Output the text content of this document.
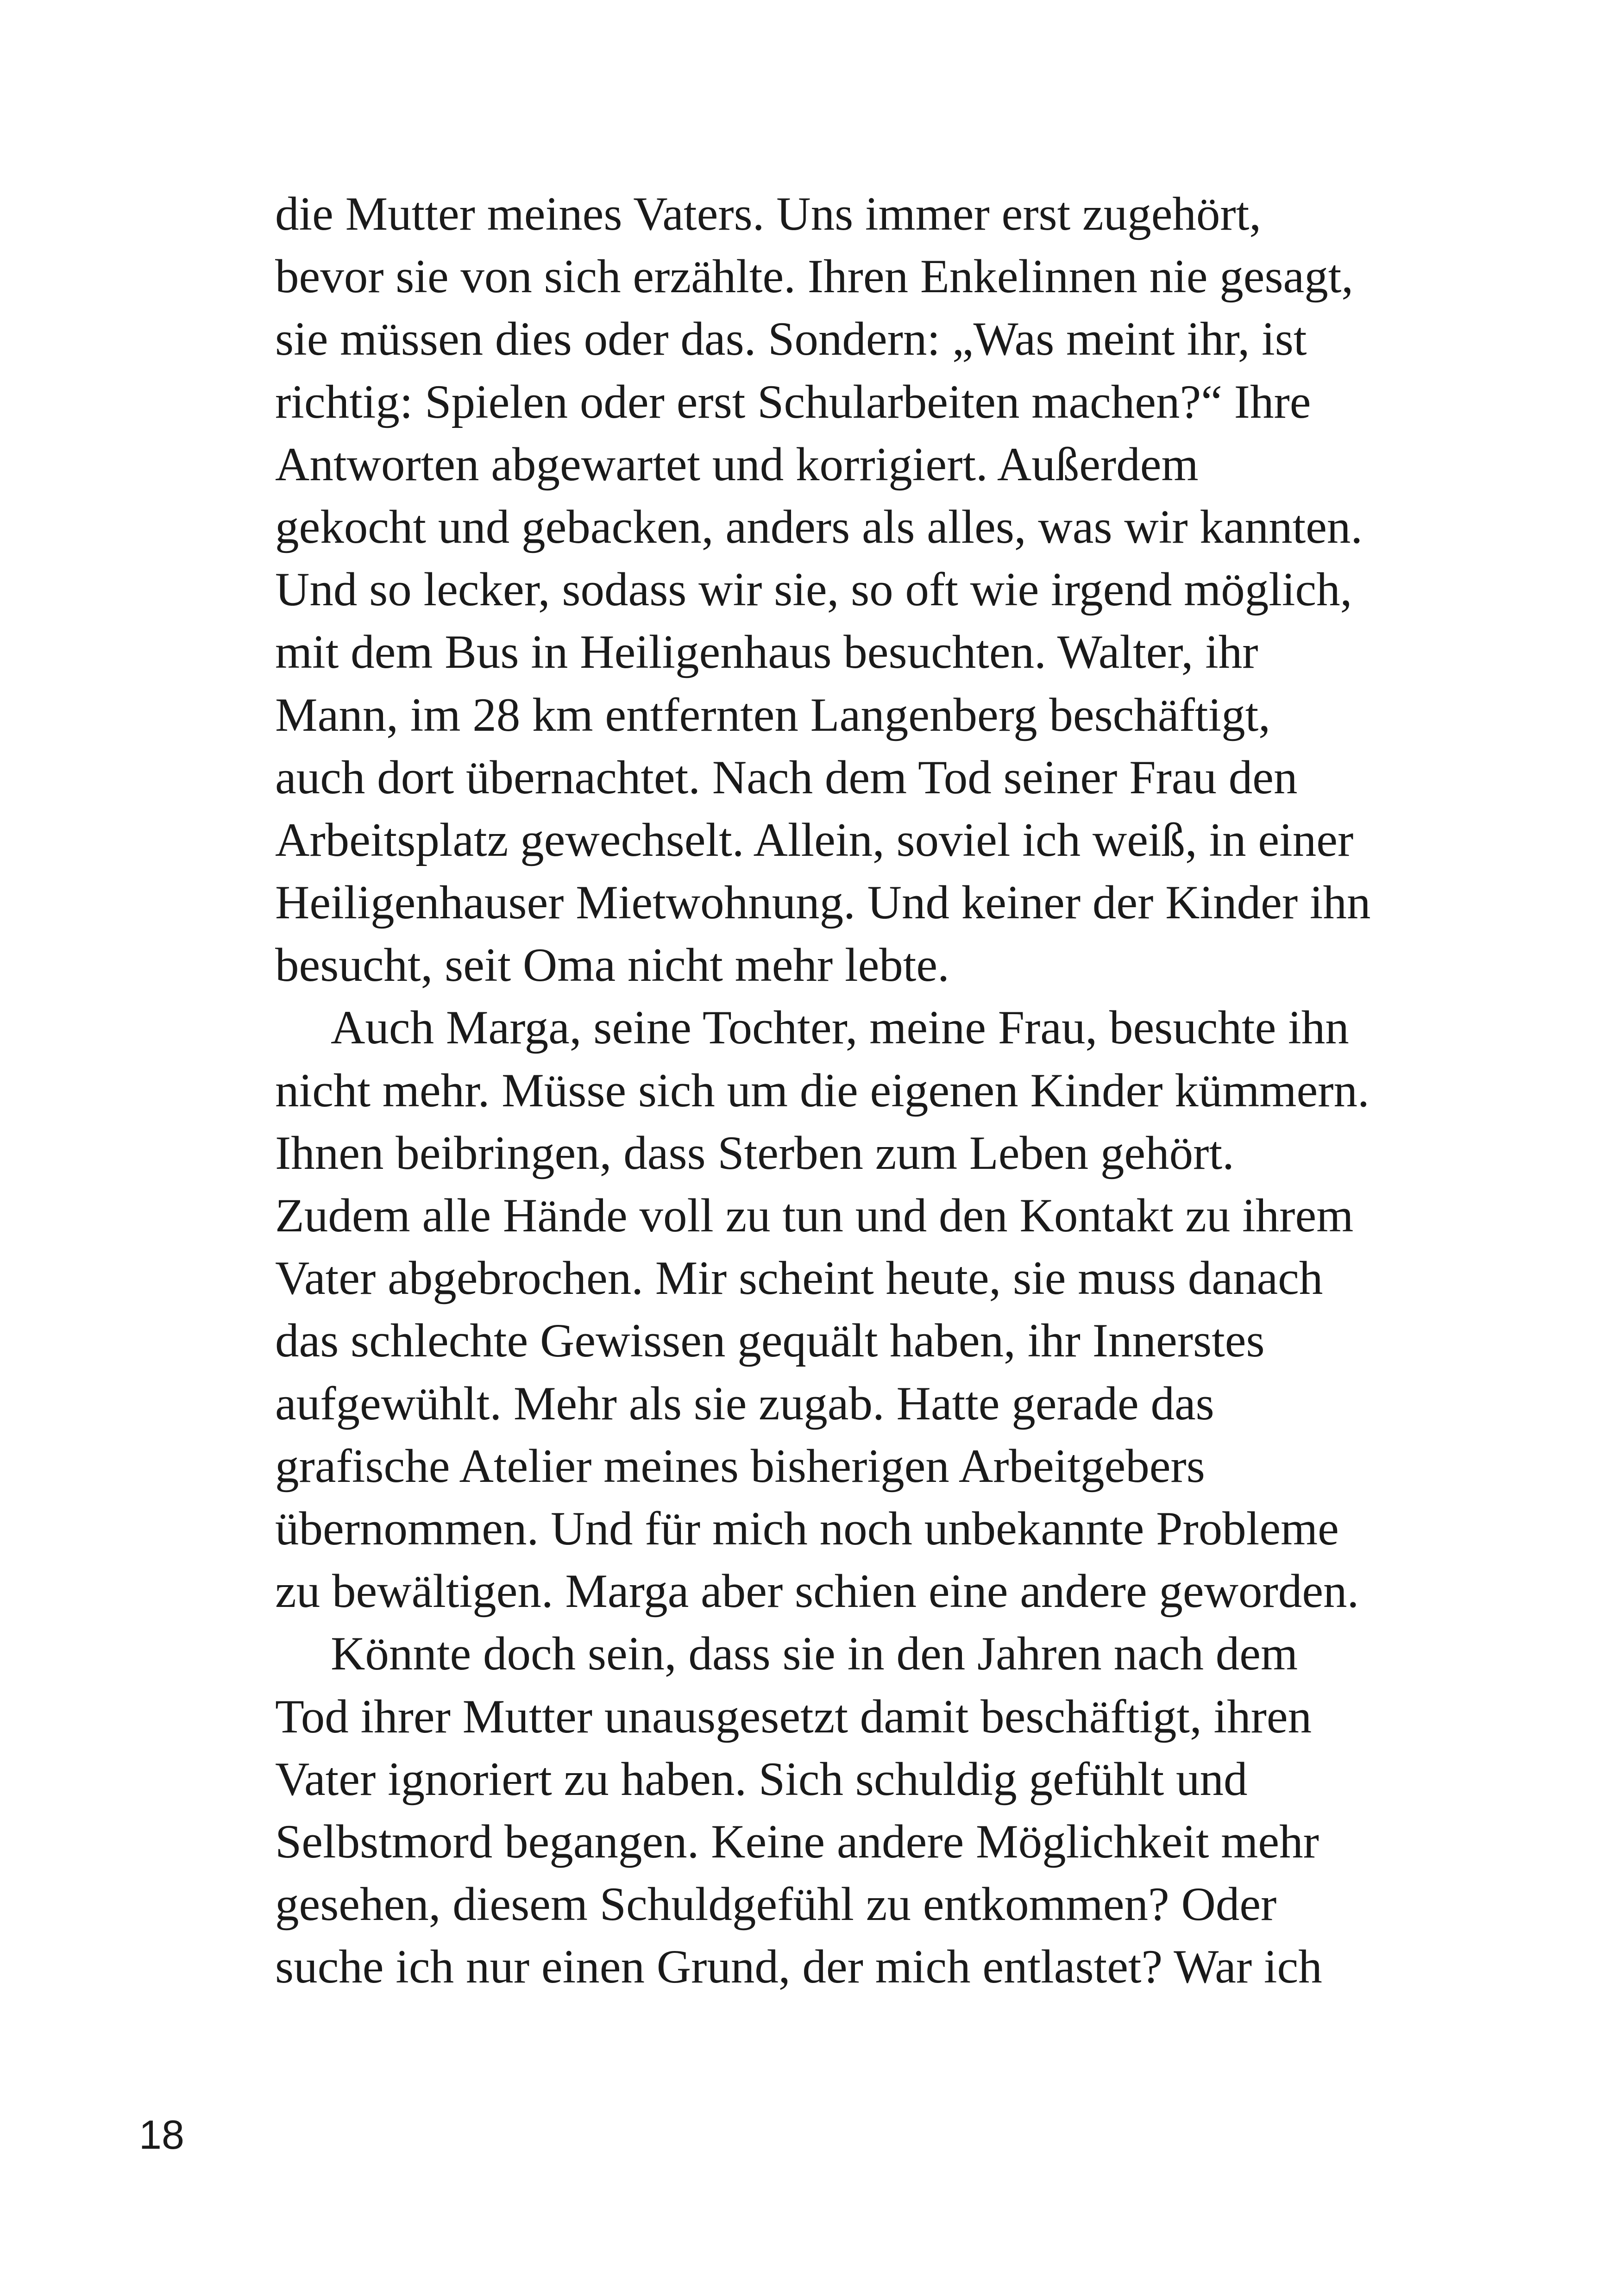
die Mutter meines Vaters. Uns immer erst zugehört,
bevor sie von sich erzählte. Ihren Enkelinnen nie gesagt,
sie müssen dies oder das. Sondern: „Was meint ihr, ist
richtig: Spielen oder erst Schularbeiten machen?“ Ihre
Antworten abgewartet und korrigiert. Außerdem
gekocht und gebacken, anders als alles, was wir kannten.
Und so lecker, sodass wir sie, so oft wie irgend möglich,
mit dem Bus in Heiligenhaus besuchten. Walter, ihr
Mann, im 28 km entfernten Langenberg beschäftigt,
auch dort übernachtet. Nach dem Tod seiner Frau den
Arbeitsplatz gewechselt. Allein, soviel ich weiß, in einer
Heiligenhauser Mietwohnung. Und keiner der Kinder ihn
besucht, seit Oma nicht mehr lebte.
Auch Marga, seine Tochter, meine Frau, besuchte ihn
nicht mehr. Müsse sich um die eigenen Kinder kümmern.
Ihnen beibringen, dass Sterben zum Leben gehört.
Zudem alle Hände voll zu tun und den Kontakt zu ihrem
Vater abgebrochen. Mir scheint heute, sie muss danach
das schlechte Gewissen gequält haben, ihr Innerstes
aufgewühlt. Mehr als sie zugab. Hatte gerade das
grafische Atelier meines bisherigen Arbeitgebers
übernommen. Und für mich noch unbekannte Probleme
zu bewältigen. Marga aber schien eine andere geworden.
Könnte doch sein, dass sie in den Jahren nach dem
Tod ihrer Mutter unausgesetzt damit beschäftigt, ihren
Vater ignoriert zu haben. Sich schuldig gefühlt und
Selbstmord begangen. Keine andere Möglichkeit mehr
gesehen, diesem Schuldgefühl zu entkommen? Oder
suche ich nur einen Grund, der mich entlastet? War ich
18
